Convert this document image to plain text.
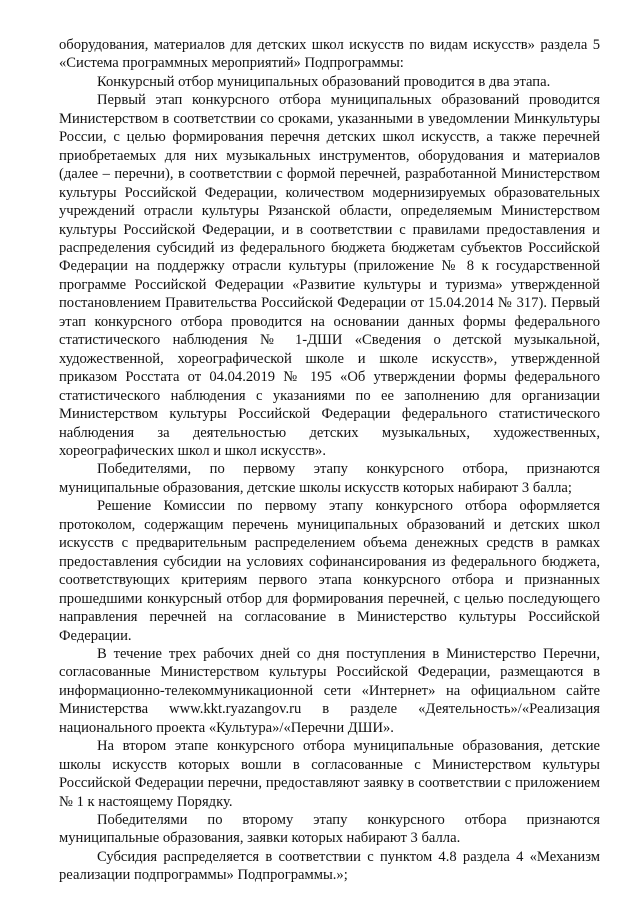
оборудования, материалов для детских школ искусств по видам искусств» раздела 5 «Система программных мероприятий» Подпрограммы:

Конкурсный отбор муниципальных образований проводится в два этапа.

Первый этап конкурсного отбора муниципальных образований проводится Министерством в соответствии со сроками, указанными в уведомлении Минкультуры России, с целью формирования перечня детских школ искусств, а также перечней приобретаемых для них музыкальных инструментов, оборудования и материалов (далее – перечни), в соответствии с формой перечней, разработанной Министерством культуры Российской Федерации, количеством модернизируемых образовательных учреждений отрасли культуры Рязанской области, определяемым Министерством культуры Российской Федерации, и в соответствии с правилами предоставления и распределения субсидий из федерального бюджета бюджетам субъектов Российской Федерации на поддержку отрасли культуры (приложение № 8 к государственной программе Российской Федерации «Развитие культуры и туризма» утвержденной постановлением Правительства Российской Федерации от 15.04.2014 № 317). Первый этап конкурсного отбора проводится на основании данных формы федерального статистического наблюдения № 1-ДШИ «Сведения о детской музыкальной, художественной, хореографической школе и школе искусств», утвержденной приказом Росстата от 04.04.2019 № 195 «Об утверждении формы федерального статистического наблюдения с указаниями по ее заполнению для организации Министерством культуры Российской Федерации федерального статистического наблюдения за деятельностью детских музыкальных, художественных, хореографических школ и школ искусств».

Победителями, по первому этапу конкурсного отбора, признаются муниципальные образования, детские школы искусств которых набирают 3 балла;

Решение Комиссии по первому этапу конкурсного отбора оформляется протоколом, содержащим перечень муниципальных образований и детских школ искусств с предварительным распределением объема денежных средств в рамках предоставления субсидии на условиях софинансирования из федерального бюджета, соответствующих критериям первого этапа конкурсного отбора и признанных прошедшими конкурсный отбор для формирования перечней, с целью последующего направления перечней на согласование в Министерство культуры Российской Федерации.

В течение трех рабочих дней со дня поступления в Министерство Перечни, согласованные Министерством культуры Российской Федерации, размещаются в информационно-телекоммуникационной сети «Интернет» на официальном сайте Министерства www.kkt.ryazangov.ru в разделе «Деятельность»/«Реализация национального проекта «Культура»/«Перечни ДШИ».

На втором этапе конкурсного отбора муниципальные образования, детские школы искусств которых вошли в согласованные с Министерством культуры Российской Федерации перечни, предоставляют заявку в соответствии с приложением № 1 к настоящему Порядку.

Победителями по второму этапу конкурсного отбора признаются муниципальные образования, заявки которых набирают 3 балла.

Субсидия распределяется в соответствии с пунктом 4.8 раздела 4 «Механизм реализации подпрограммы» Подпрограммы.»;
